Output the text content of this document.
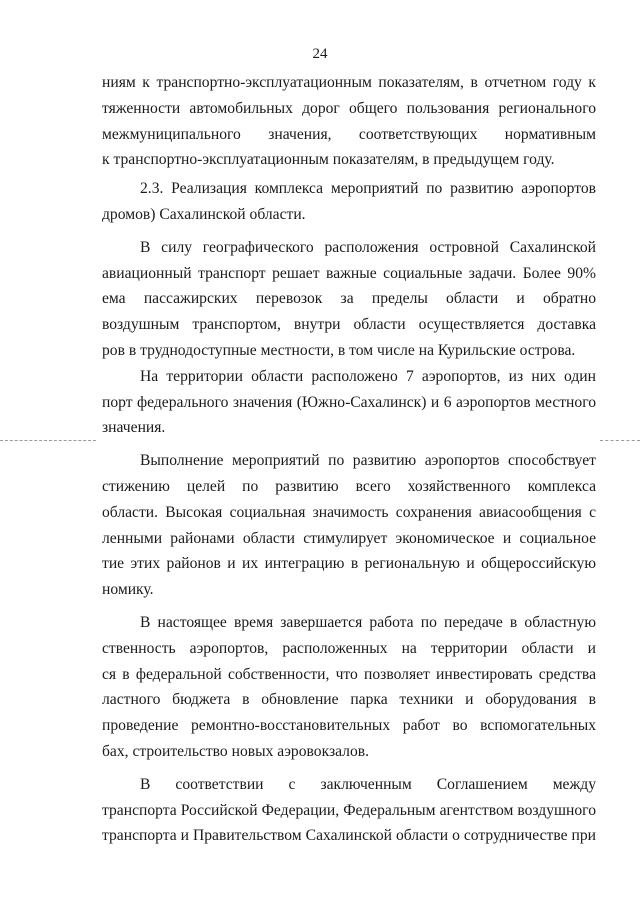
24
ниям к транспортно-эксплуатационным показателям, в отчетном году к
тяженности автомобильных дорог общего пользования регионального
межмуниципального значения, соответствующих нормативным
к транспортно-эксплуатационным показателям, в предыдущем году.
2.3. Реализация комплекса мероприятий по развитию аэропортов
дромов) Сахалинской области.
В силу географического расположения островной Сахалинской
авиационный транспорт решает важные социальные задачи. Более 90%
ема пассажирских перевозок за пределы области и обратно
воздушным транспортом, внутри области осуществляется доставка
ров в труднодоступные местности, в том числе на Курильские острова.
На территории области расположено 7 аэропортов, из них один
порт федерального значения (Южно-Сахалинск) и 6 аэропортов местного
значения.
Выполнение мероприятий по развитию аэропортов способствует
стижению целей по развитию всего хозяйственного комплекса
области. Высокая социальная значимость сохранения авиасообщения с
ленными районами области стимулирует экономическое и социальное
тие этих районов и их интеграцию в региональную и общероссийскую
номику.
В настоящее время завершается работа по передаче в областную
ственность аэропортов, расположенных на территории области и
ся в федеральной собственности, что позволяет инвестировать средства
ластного бюджета в обновление парка техники и оборудования в
проведение ремонтно-восстановительных работ во вспомогательных
бах, строительство новых аэровокзалов.
В соответствии с заключенным Соглашением между
транспорта Российской Федерации, Федеральным агентством воздушного
транспорта и Правительством Сахалинской области о сотрудничестве при
